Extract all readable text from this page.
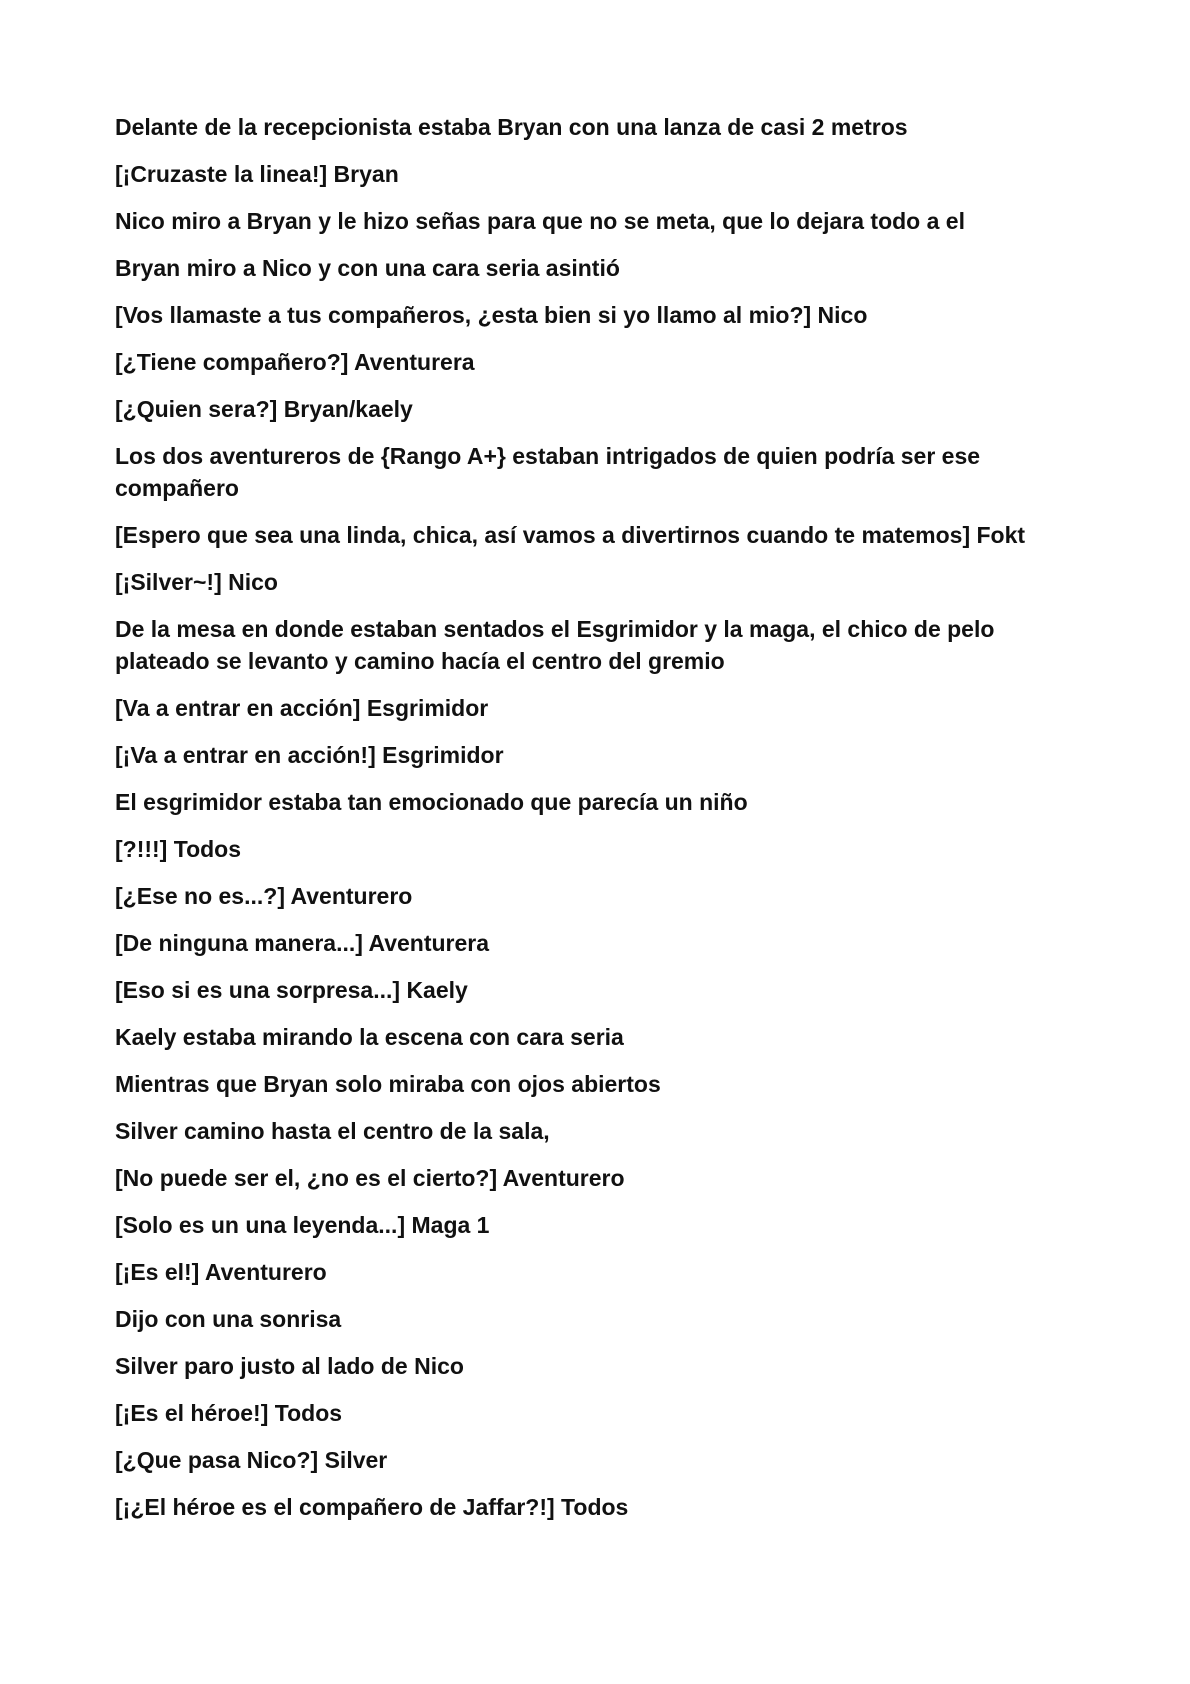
Delante de la recepcionista estaba Bryan con una lanza de casi 2 metros

[¡Cruzaste la linea!] Bryan

Nico miro a Bryan y le hizo señas para que no se meta, que lo dejara todo a el

Bryan miro a Nico y con una cara seria asintió

[Vos llamaste a tus compañeros, ¿esta bien si yo llamo al mio?] Nico

[¿Tiene compañero?] Aventurera

[¿Quien sera?] Bryan/kaely

Los dos aventureros de {Rango A+} estaban intrigados de quien podría ser ese compañero

[Espero que sea una linda, chica, así vamos a divertirnos cuando te matemos] Fokt

[¡Silver~!] Nico

De la mesa en donde estaban sentados el Esgrimidor y la maga, el chico de pelo plateado se levanto y camino hacía el centro del gremio

[Va a entrar en acción] Esgrimidor

[¡Va a entrar en acción!] Esgrimidor

El esgrimidor estaba tan emocionado que parecía un niño

[?!!!] Todos

[¿Ese no es...?] Aventurero

[De ninguna manera...] Aventurera

[Eso si es una sorpresa...] Kaely

Kaely estaba mirando la escena con cara seria

Mientras que Bryan solo miraba con ojos abiertos

Silver camino hasta el centro de la sala,

[No puede ser el, ¿no es el cierto?] Aventurero

[Solo es un una leyenda...] Maga 1

[¡Es el!] Aventurero

Dijo con una sonrisa

Silver paro justo al lado de Nico

[¡Es el héroe!] Todos

[¿Que pasa Nico?] Silver

[¡¿El héroe es el compañero de Jaffar?!] Todos
